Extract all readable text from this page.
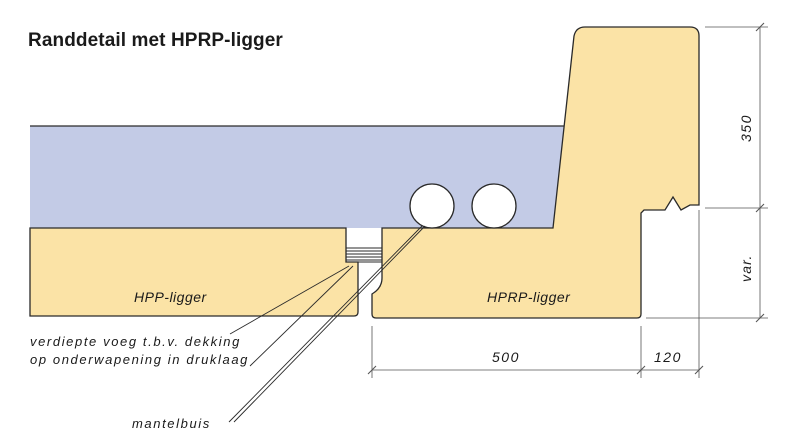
Randdetail met HPRP-ligger
HPP-ligger	HPRP-ligger
verdiepte voeg t.b.v. dekking
op onderwapening in druklaag
mantelbuis
500	120
350
var.
